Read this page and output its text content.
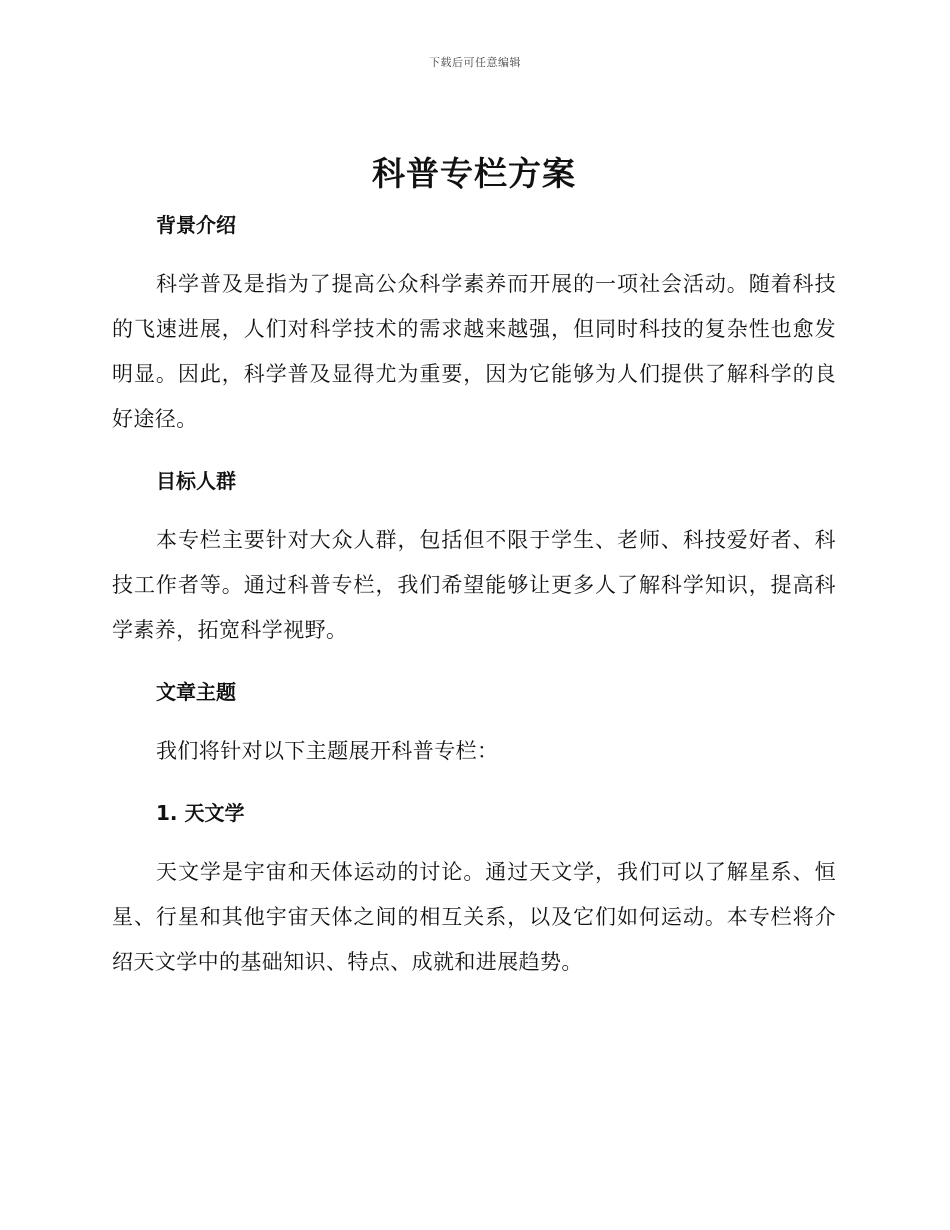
下载后可任意编辑
科普专栏方案
背景介绍

科学普及是指为了提高公众科学素养而开展的一项社会活动。随着科技的飞速进展，人们对科学技术的需求越来越强，但同时科技的复杂性也愈发明显。因此，科学普及显得尤为重要，因为它能够为人们提供了解科学的良好途径。

目标人群

本专栏主要针对大众人群，包括但不限于学生、老师、科技爱好者、科技工作者等。通过科普专栏，我们希望能够让更多人了解科学知识，提高科学素养，拓宽科学视野。

文章主题

我们将针对以下主题展开科普专栏：

1. 天文学

天文学是宇宙和天体运动的讨论。通过天文学，我们可以了解星系、恒星、行星和其他宇宙天体之间的相互关系，以及它们如何运动。本专栏将介绍天文学中的基础知识、特点、成就和进展趋势。
